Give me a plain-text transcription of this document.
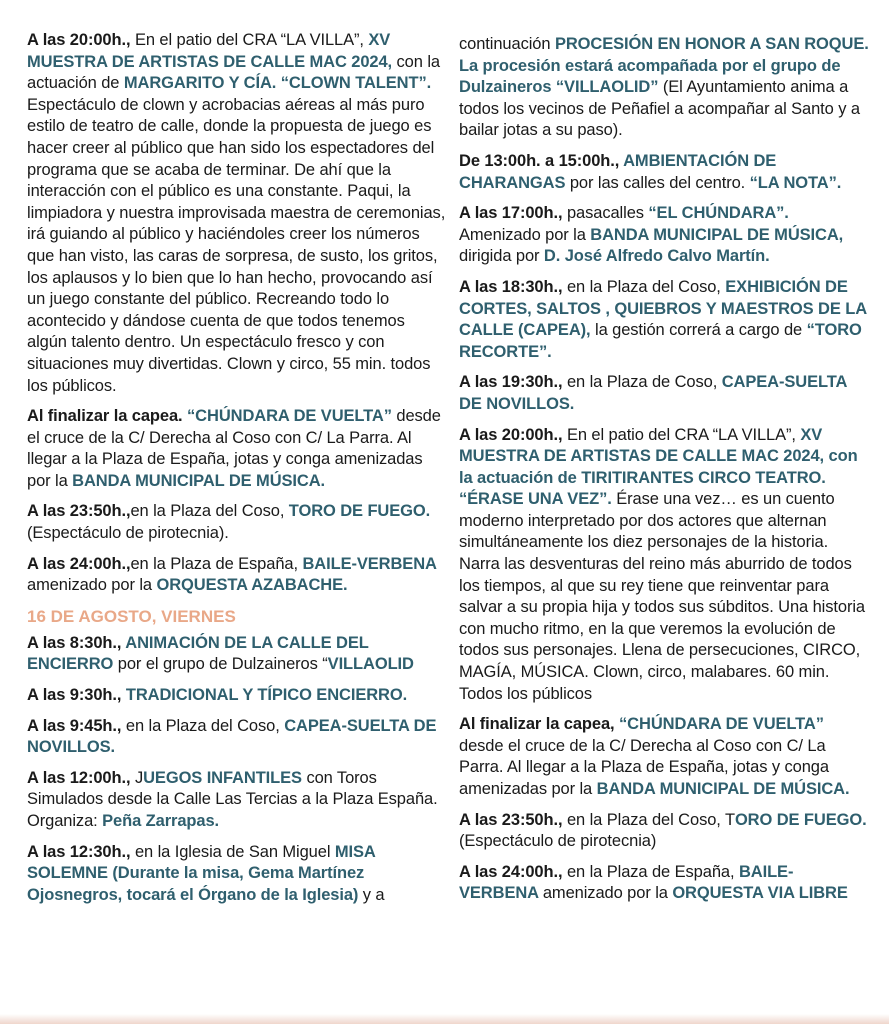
A las 20:00h., En el patio del CRA “LA VILLA”, XV MUESTRA DE ARTISTAS DE CALLE MAC 2024, con la actuación de MARGARITO Y CÍA. “CLOWN TALENT”. Espectáculo de clown y acrobacias aéreas al más puro estilo de teatro de calle, donde la propuesta de juego es hacer creer al público que han sido los espectadores del programa que se acaba de terminar. De ahí que la interacción con el público es una constante. Paqui, la limpiadora y nuestra improvisada maestra de ceremonias, irá guiando al público y haciéndoles creer los números que han visto, las caras de sorpresa, de susto, los gritos, los aplausos y lo bien que lo han hecho, provocando así un juego constante del público. Recreando todo lo acontecido y dándose cuenta de que todos tenemos algún talento dentro. Un espectáculo fresco y con situaciones muy divertidas. Clown y circo, 55 min. todos los públicos.
Al finalizar la capea. “CHÚNDARA DE VUELTA” desde el cruce de la C/ Derecha al Coso con C/ La Parra. Al llegar a la Plaza de España, jotas y conga amenizadas por la BANDA MUNICIPAL DE MÚSICA.
A las 23:50h.,en la Plaza del Coso, TORO DE FUEGO. (Espectáculo de pirotecnia).
A las 24:00h.,en la Plaza de España, BAILE-VERBENA amenizado por la ORQUESTA AZABACHE.
16 DE AGOSTO, VIERNES
A las 8:30h., ANIMACIÓN DE LA CALLE DEL ENCIERRO por el grupo de Dulzaineros “VILLAOLID
A las 9:30h., TRADICIONAL Y TÍPICO ENCIERRO.
A las 9:45h., en la Plaza del Coso, CAPEA-SUELTA DE NOVILLOS.
A las 12:00h., JUEGOS INFANTILES con Toros Simulados desde la Calle Las Tercias a la Plaza España. Organiza: Peña Zarrapas.
A las 12:30h., en la Iglesia de San Miguel MISA SOLEMNE (Durante la misa, Gema Martínez Ojosnegros, tocará el Órgano de la Iglesia) y a
continuación PROCESIÓN EN HONOR A SAN ROQUE. La procesión estará acompañada por el grupo de Dulzaineros “VILLAOLID” (El Ayuntamiento anima a todos los vecinos de Peñafiel a acompañar al Santo y a bailar jotas a su paso).
De 13:00h. a 15:00h., AMBIENTACIÓN DE CHARANGAS por las calles del centro. “LA NOTA”.
A las 17:00h., pasacalles “EL CHÚNDARA”. Amenizado por la BANDA MUNICIPAL DE MÚSICA, dirigida por D. José Alfredo Calvo Martín.
A las 18:30h., en la Plaza del Coso, EXHIBICIÓN DE CORTES, SALTOS , QUIEBROS Y MAESTROS DE LA CALLE (CAPEA), la gestión correrá a cargo de “TORO RECORTE”.
A las 19:30h., en la Plaza de Coso, CAPEA-SUELTA DE NOVILLOS.
A las 20:00h., En el patio del CRA “LA VILLA”, XV MUESTRA DE ARTISTAS DE CALLE MAC 2024, con la actuación de TIRITIRANTES CIRCO TEATRO. “ÉRASE UNA VEZ”. Érase una vez… es un cuento moderno interpretado por dos actores que alternan simultáneamente los diez personajes de la historia. Narra las desventuras del reino más aburrido de todos los tiempos, al que su rey tiene que reinventar para salvar a su propia hija y todos sus súbditos. Una historia con mucho ritmo, en la que veremos la evolución de todos sus personajes. Llena de persecuciones, CIRCO, MAGÍA, MÚSICA. Clown, circo, malabares. 60 min. Todos los públicos
Al finalizar la capea, “CHÚNDARA DE VUELTA” desde el cruce de la C/ Derecha al Coso con C/ La Parra. Al llegar a la Plaza de España, jotas y conga amenizadas por la BANDA MUNICIPAL DE MÚSICA.
A las 23:50h., en la Plaza del Coso, TORO DE FUEGO. (Espectáculo de pirotecnia)
A las 24:00h., en la Plaza de España, BAILE-VERBENA amenizado por la ORQUESTA VIA LIBRE
